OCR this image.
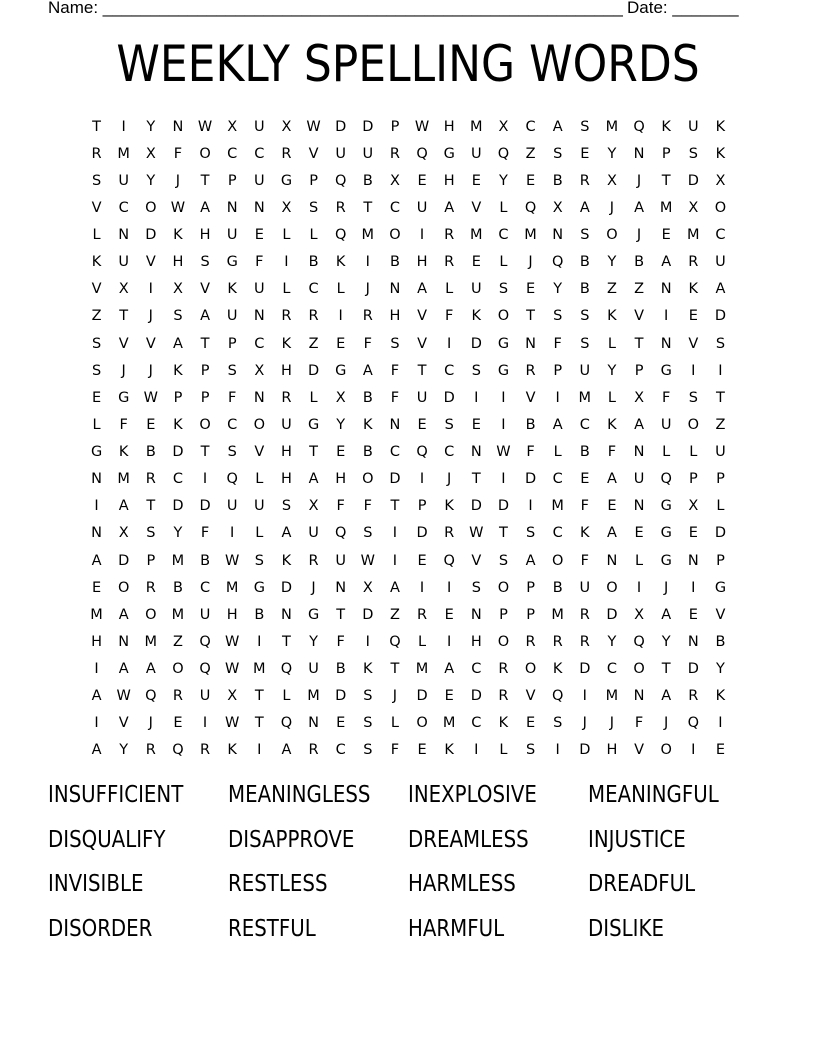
Name: _______________________________________________________ Date: _______
WEEKLY SPELLING WORDS
T	I	Y	N	W	X	U	X	W D	D	P	W	H	M	X	C	A	S	M	Q	K	U	K
R	M	X	F	O	C	C	R	V	U	U	R	Q	G	U	Q	Z	S	E	Y	N	P	S	K
S	U	Y	J	T	P	U	G	P	Q	B	X	E	H	E	Y	E	B	R	X	J	T	D	X
V	C	O W	A	N	N	X	S	R	T	C	U	A	V	L	Q	X	A	J	A	M	X	O
L	N	D	K	H	U	E	L	L	Q	M	O	I	R	M	C	M	N	S	O	J	E	M	C
K	U	V	H	S	G	F	I	B	K	I	B	H	R	E	L	J	Q	B	Y	B	A	R	U
V	X	I	X	V	K	U	L	C	L	J	N	A	L	U	S	E	Y	B	Z	Z	N	K	A
Z	T	J	S	A	U	N	R	R	I	R	H	V	F	K	O	T	S	S	K	V	I	E	D
S	V	V	A	T	P	C	K	Z	E	F	S	V	I	D	G	N	F	S	L	T	N	V	S
S	J	J	K	P	S	X	H	D	G	A	F	T	C	S	G	R	P	U	Y	P	G	I	I
E	G W	P	P	F	N	R	L	X	B	F	U	D	I	I	V	I	M	L	X	F	S	T
L	F	E	K	O	C	O	U	G	Y	K	N	E	S	E	I	B	A	C	K	A	U	O	Z
G	K	B	D	T	S	V	H	T	E	B	C	Q	C	N	W	F	L	B	F	N	L	L	U
N	M	R	C	I	Q	L	H	A	H	O	D	I	J	T	I	D	C	E	A	U	Q	P	P
I	A	T	D	D	U	U	S	X	F	F	T	P	K	D	D	I	M	F	E	N	G	X	L
N	X	S	Y	F	I	L	A	U	Q	S	I	D	R	W	T	S	C	K	A	E	G	E	D
A	D	P	M	B	W	S	K	R	U	W	I	E	Q	V	S	A	O	F	N	L	G	N	P
E	O	R	B	C	M	G	D	J	N	X	A	I	I	S	O	P	B	U	O	I	J	I	G
M	A	O	M	U	H	B	N	G	T	D	Z	R	E	N	P	P	M	R	D	X	A	E	V
H	N	M	Z	Q W	I	T	Y	F	I	Q	L	I	H	O	R	R	R	Y	Q	Y	N	B
I	A	A	O	Q W M	Q	U	B	K	T	M	A	C	R	O	K	D	C	O	T	D	Y
A	W Q	R	U	X	T	L	M	D	S	J	D	E	D	R	V	Q	I	M	N	A	R	K
I	V	J	E	I	W	T	Q	N	E	S	L	O	M	C	K	E	S	J	J	F	J	Q	I
A	Y	R	Q	R	K	I	A	R	C	S	F	E	K	I	L	S	I	D	H	V	O	I	E
INSUFFICIENT	MEANINGLESS	INEXPLOSIVE	MEANINGFUL
DISQUALIFY	DISAPPROVE	DREAMLESS	INJUSTICE
INVISIBLE	RESTLESS	HARMLESS	DREADFUL
DISORDER	RESTFUL	HARMFUL	DISLIKE
